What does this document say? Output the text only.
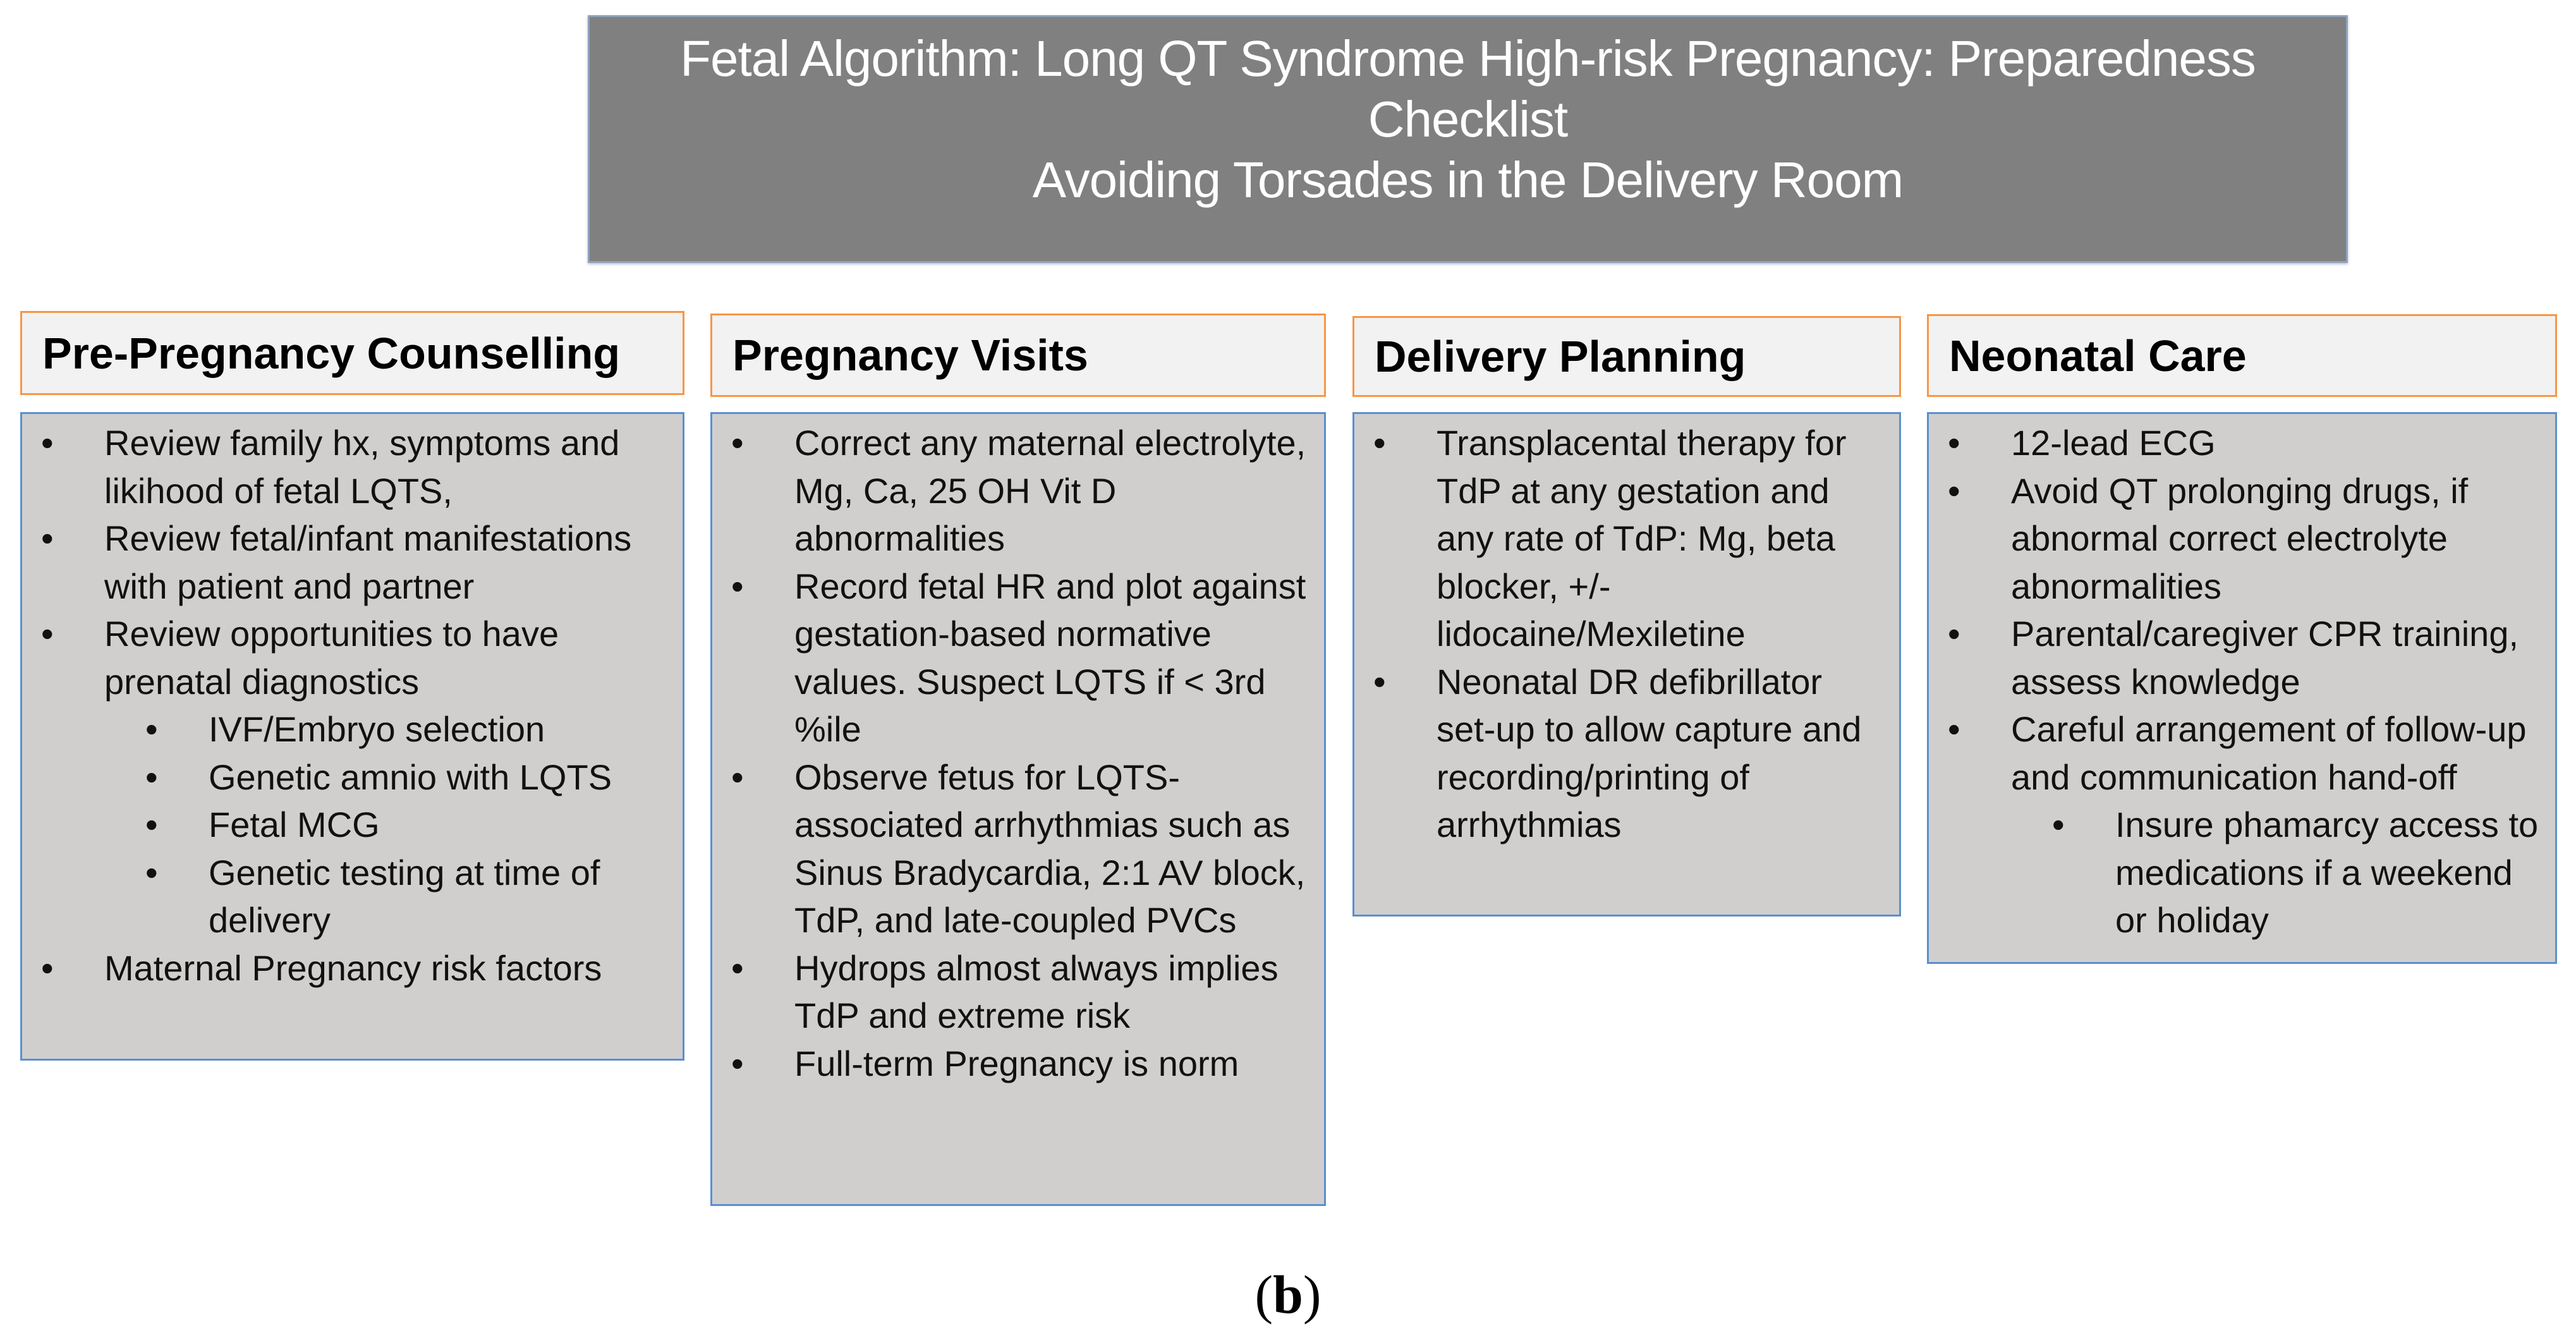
Fetal Algorithm: Long QT Syndrome High-risk Pregnancy: Preparedness
Checklist
Avoiding Torsades in the Delivery Room
Pre-Pregnancy Counselling
• Review family hx, symptoms and likihood of fetal LQTS,
• Review fetal/infant manifestations with patient and partner
• Review opportunities to have prenatal diagnostics
• IVF/Embryo selection
• Genetic amnio with LQTS
• Fetal MCG
• Genetic testing at time of delivery
• Maternal Pregnancy risk factors
Pregnancy Visits
• Correct any maternal electrolyte, Mg, Ca, 25 OH Vit D abnormalities
• Record fetal HR and plot against gestation-based normative values. Suspect LQTS if < 3rd %ile
• Observe fetus for LQTS-associated arrhythmias such as Sinus Bradycardia, 2:1 AV block, TdP, and late-coupled PVCs
• Hydrops almost always implies TdP and extreme risk
• Full-term Pregnancy is norm
Delivery Planning
• Transplacental therapy for TdP at any gestation and any rate of TdP: Mg, beta blocker, +/- lidocaine/Mexiletine
• Neonatal DR defibrillator set-up to allow capture and recording/printing of arrhythmias
Neonatal Care
• 12-lead ECG
• Avoid QT prolonging drugs, if abnormal correct electrolyte abnormalities
• Parental/caregiver CPR training, assess knowledge
• Careful arrangement of follow-up and communication hand-off
• Insure phamarcy access to medications if a weekend or holiday
(b)
